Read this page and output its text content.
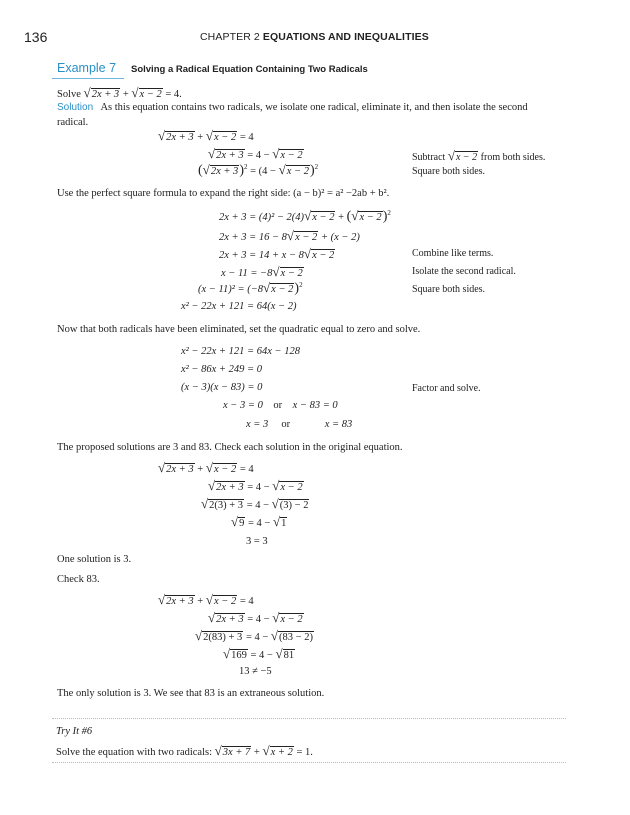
136	CHAPTER 2 EQUATIONS AND INEQUALITIES
Example 7 Solving a Radical Equation Containing Two Radicals
Solve √2x + 3 + √x − 2 = 4.
Solution As this equation contains two radicals, we isolate one radical, eliminate it, and then isolate the second
radical.
√2x + 3 + √x − 2 = 4
√2x + 3 = 4 − √x − 2	Subtract √x − 2 from both sides.
$(√2x + 3)^2 = (4 - √x - 2)^2$	Square both sides.
Use the perfect square formula to expand the right side: (a − b)² = a² −2ab + b².
$2x + 3 = (4)^2 - 2(4)√x - 2 + (√x - 2)^2$
2x + 3 = 16 − 8√x − 2 + (x − 2)
2x + 3 = 14 + x − 8√x − 2	Combine like terms.
x − 11 = −8√x − 2	Isolate the second radical.
$(x - 11)^2 = (-8√x - 2)^2$	Square both sides.
x² − 22x + 121 = 64(x − 2)
Now that both radicals have been eliminated, set the quadratic equal to zero and solve.
x² − 22x + 121 = 64x − 128
x² − 86x + 249 = 0
(x − 3)(x − 83) = 0	Factor and solve.
x − 3 = 0 or x − 83 = 0
x = 3 or	x = 83
The proposed solutions are 3 and 83. Check each solution in the original equation.
√2x + 3 + √x − 2 = 4
√2x + 3 = 4 − √x − 2
√2(3) + 3 = 4 − √(3) − 2
√9 = 4 − √1
3 = 3
One solution is 3.
Check 83.
√2x + 3 + √x − 2 = 4
√2x + 3 = 4 − √x − 2
√2(83) + 3 = 4 − √(83 − 2)
√169 = 4 − √81
13 ≠ −5
The only solution is 3. We see that 83 is an extraneous solution.
Try It #6
Solve the equation with two radicals: √3x + 7 + √x + 2 = 1.
